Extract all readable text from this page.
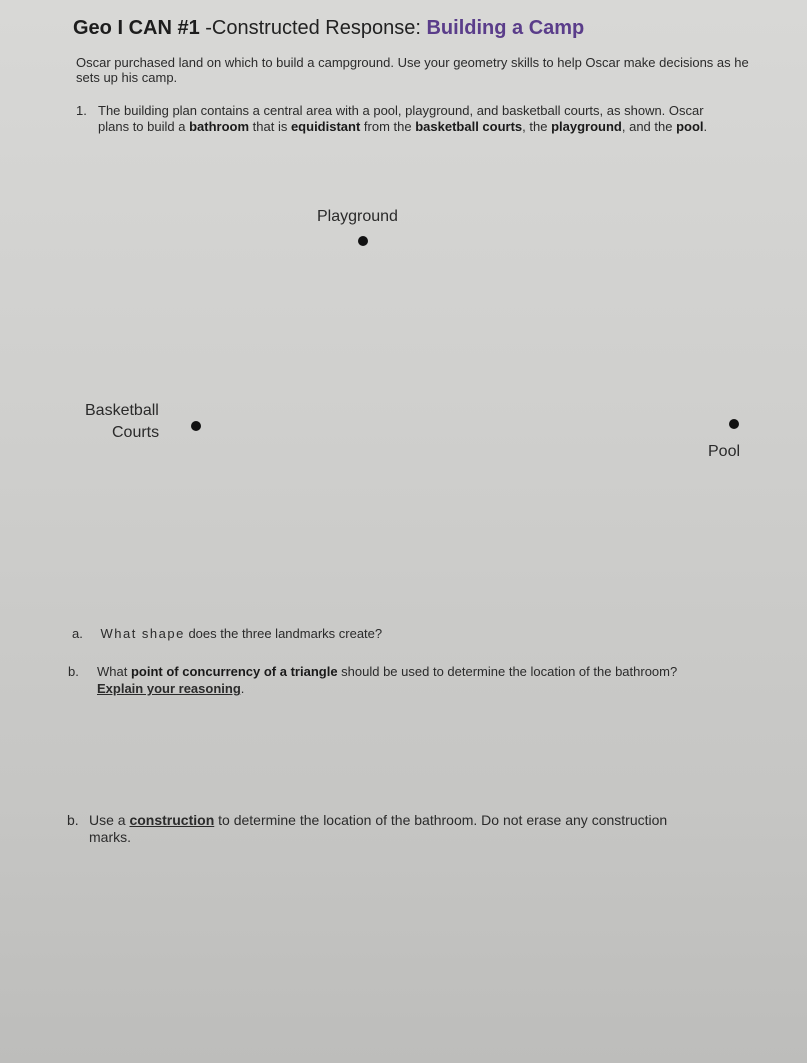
Geo I CAN #1 -Constructed Response: Building a Camp
Oscar purchased land on which to build a campground. Use your geometry skills to help Oscar make decisions as he sets up his camp.
1. The building plan contains a central area with a pool, playground, and basketball courts, as shown. Oscar plans to build a bathroom that is equidistant from the basketball courts, the playground, and the pool.
Playground
Basketball
Courts
Pool
a. What shape does the three landmarks create?
b. What point of concurrency of a triangle should be used to determine the location of the bathroom? Explain your reasoning.
b. Use a construction to determine the location of the bathroom. Do not erase any construction marks.
